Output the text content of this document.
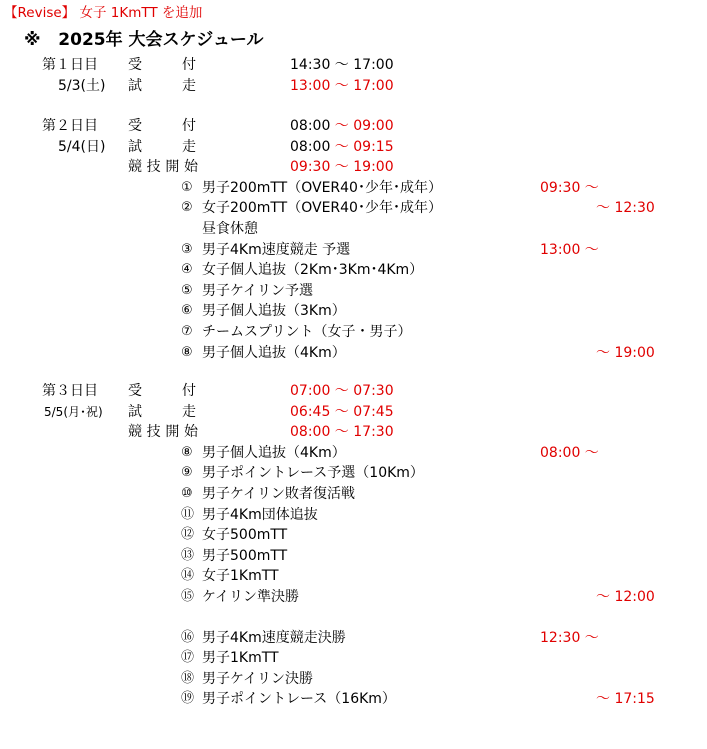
【Revise】 女子 1KmTT を追加
※ 2025年 大会スケジュール
第１日目 受	付	14:30 ～ 17:00
5/3(土) 試	走	13:00 ～ 17:00
第２日目 受	付	08:00 ～ 09:00
5/4(日) 試	走	08:00 ～ 09:15
競 技 開 始	09:30 ～ 19:00
① 男子200mTT（OVER40･少年･成年）	09:30 ～
② 女子200mTT（OVER40･少年･成年）	～ 12:30
昼食休憩
③ 男子4Km速度競走 予選	13:00 ～
④ 女子個人追抜（2Km･3Km･4Km）
⑤ 男子ケイリン予選
⑥ 男子個人追抜（3Km）
⑦ チームスプリント（女子・男子）
⑧ 男子個人追抜（4Km）	～ 19:00
第３日目 受	付	07:00 ～ 07:30
5/5(月･祝) 試	走	06:45 ～ 07:45
競 技 開 始	08:00 ～ 17:30
⑧ 男子個人追抜（4Km）	08:00 ～
⑨ 男子ポイントレース予選（10Km）
⑩ 男子ケイリン敗者復活戦
⑪ 男子4Km団体追抜
⑫ 女子500mTT
⑬ 男子500mTT
⑭ 女子1KmTT
⑮ ケイリン準決勝	～ 12:00
⑯ 男子4Km速度競走決勝	12:30 ～
⑰ 男子1KmTT
⑱ 男子ケイリン決勝
⑲ 男子ポイントレース（16Km）	～ 17:15
